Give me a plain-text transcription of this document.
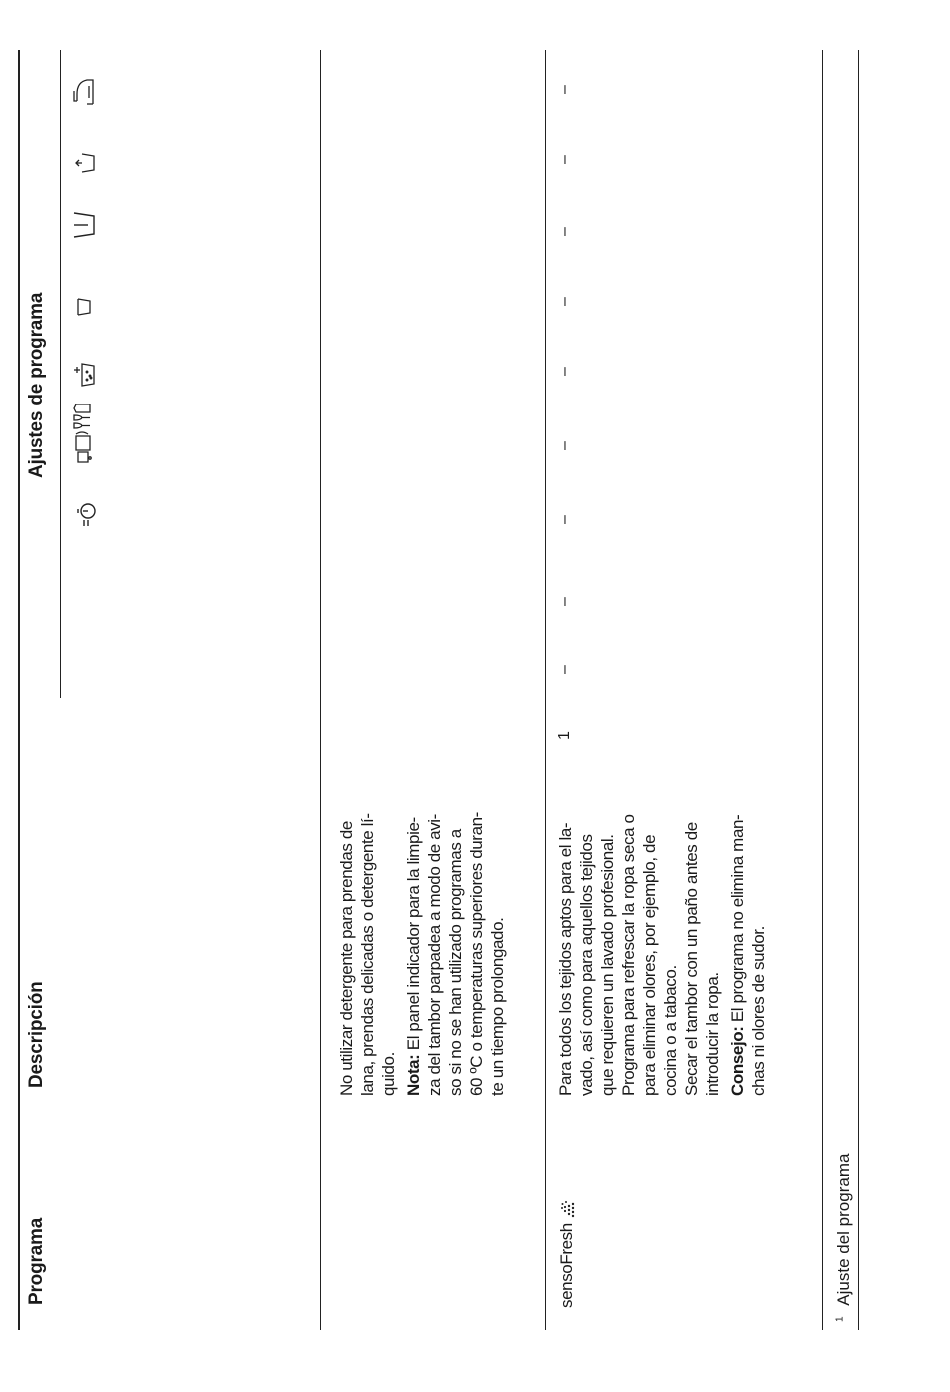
Programa
Descripción
Ajustes de programa
No utilizar detergente para prendas de lana, prendas delicadas o detergente lí- quido. Nota: El panel indicador para la limpie- za del tambor parpadea a modo de avi- so si no se han utilizado programas a 60 ºC o temperaturas superiores duran- te un tiempo prolongado.
sensoFresh
Para todos los tejidos aptos para el la- vado, así como para aquellos tejidos que requieren un lavado profesional. Programa para refrescar la ropa seca o para eliminar olores, por ejemplo, de cocina o a tabaco. Secar el tambor con un paño antes de introducir la ropa. Consejo: El programa no elimina man- chas ni olores de sudor.
1
–
–
–
–
–
–
–
–
–
$^1$ Ajuste del programa
